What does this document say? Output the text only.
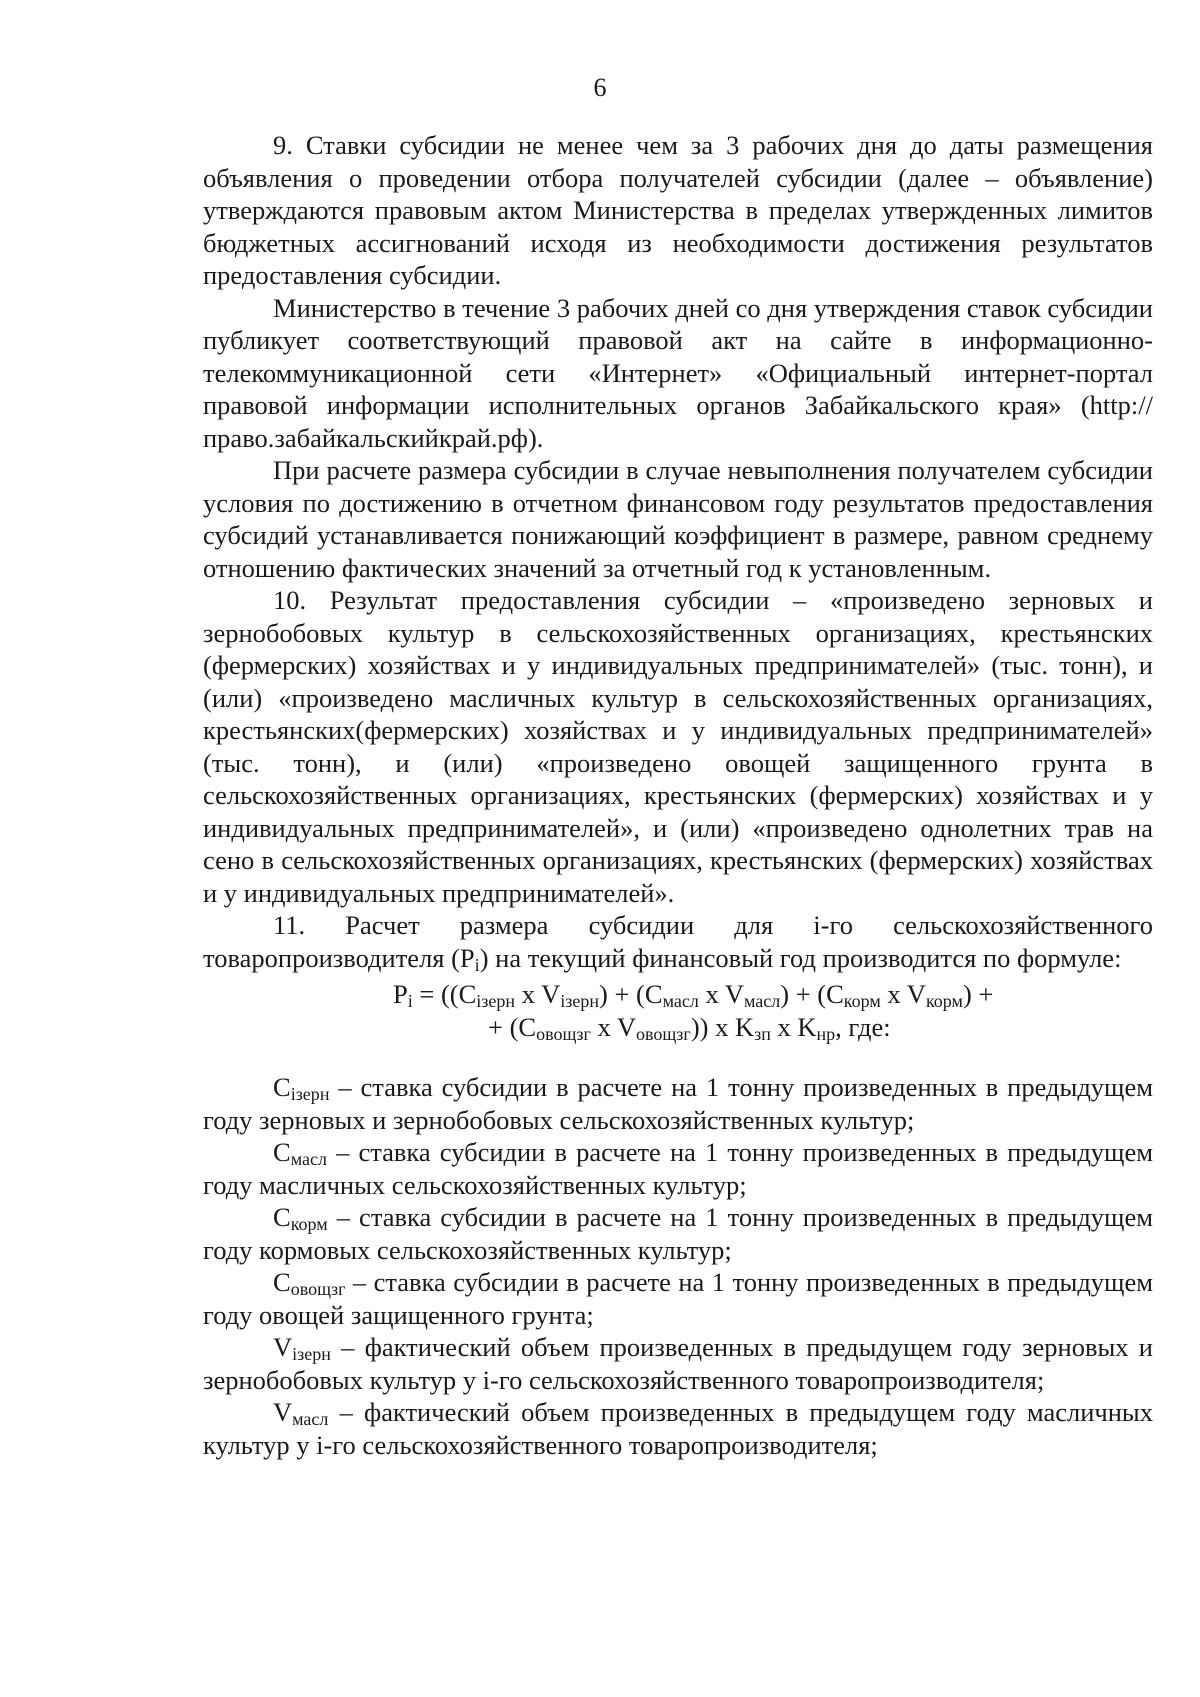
6

9. Ставки субсидии не менее чем за 3 рабочих дня до даты размещения объявления о проведении отбора получателей субсидии (далее – объявление) утверждаются правовым актом Министерства в пределах утвержденных лимитов бюджетных ассигнований исходя из необходимости достижения результатов предоставления субсидии.

Министерство в течение 3 рабочих дней со дня утверждения ставок субсидии публикует соответствующий правовой акт на сайте в информационно-телекоммуникационной сети «Интернет» «Официальный интернет-портал правовой информации исполнительных органов Забайкальского края» (http://право.забайкальскийкрай.рф).

При расчете размера субсидии в случае невыполнения получателем субсидии условия по достижению в отчетном финансовом году результатов предоставления субсидий устанавливается понижающий коэффициент в размере, равном среднему отношению фактических значений за отчетный год к установленным.

10. Результат предоставления субсидии – «произведено зерновых и зернобобовых культур в сельскохозяйственных организациях, крестьянских (фермерских) хозяйствах и у индивидуальных предпринимателей» (тыс. тонн), и (или) «произведено масличных культур в сельскохозяйственных организациях, крестьянских(фермерских) хозяйствах и у индивидуальных предпринимателей» (тыс. тонн), и (или) «произведено овощей защищенного грунта в сельскохозяйственных организациях, крестьянских (фермерских) хозяйствах и у индивидуальных предпринимателей», и (или) «произведено однолетних трав на сено в сельскохозяйственных организациях, крестьянских (фермерских) хозяйствах и у индивидуальных предпринимателей».

11. Расчет размера субсидии для i-го сельскохозяйственного товаропроизводителя $(P_i)$ на текущий финансовый год производится по формуле:

$P_i = ((C_{iзерн}$ x $V_{iзерн}) + (C_{масл}$ x $V_{масл}) + (C_{корм}$ x $V_{корм}$) +
+ ($C_{овощзг}$ x $V_{овощзг}$)) x $K_{зп}$ x $K_{нр}$, где:

$C_{iзерн}$ – ставка субсидии в расчете на 1 тонну произведенных в предыдущем году зерновых и зернобобовых сельскохозяйственных культур;

$C_{масл}$ – ставка субсидии в расчете на 1 тонну произведенных в предыдущем году масличных сельскохозяйственных культур;

$C_{корм}$ – ставка субсидии в расчете на 1 тонну произведенных в предыдущем году кормовых сельскохозяйственных культур;

$C_{овощзг}$ – ставка субсидии в расчете на 1 тонну произведенных в предыдущем году овощей защищенного грунта;

$V_{iзерн}$ – фактический объем произведенных в предыдущем году зерновых и зернобобовых культур у i-го сельскохозяйственного товаропроизводителя;

$V_{масл}$ – фактический объем произведенных в предыдущем году масличных культур у i-го сельскохозяйственного товаропроизводителя;
